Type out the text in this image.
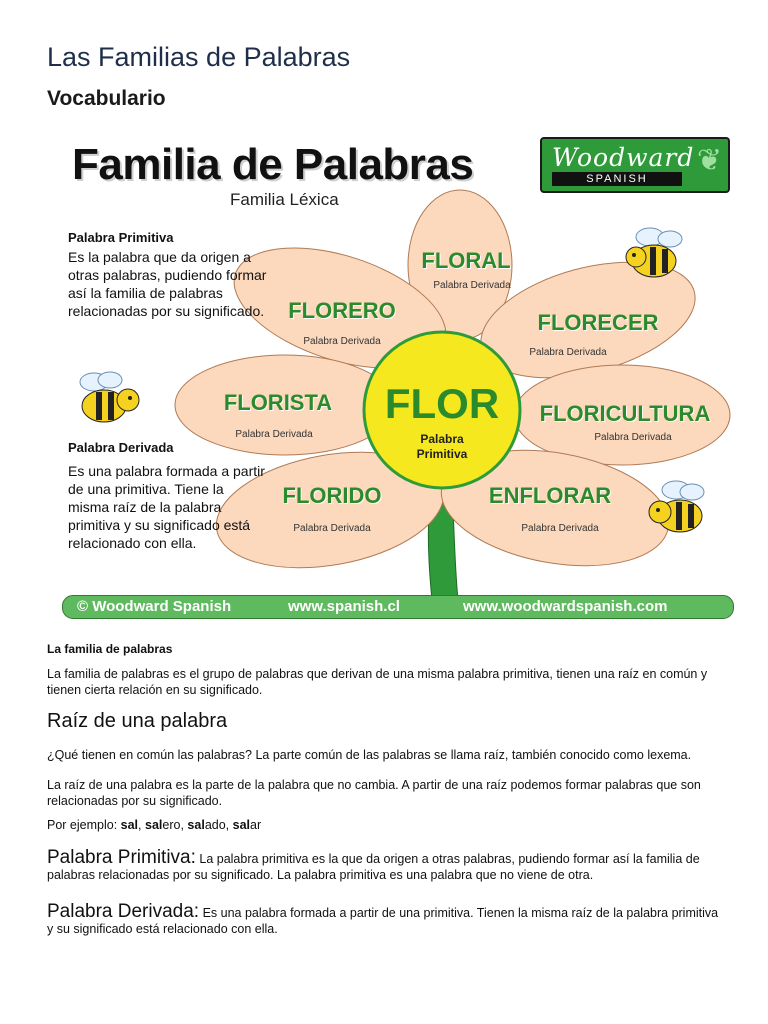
Las Familias de Palabras
Vocabulario
Familia de Palabras
Familia Léxica
Woodward
SPANISH
❦
Palabra Primitiva
Es la palabra que da origen a otras palabras, pudiendo formar así la familia de palabras relacionadas por su significado.
Palabra Derivada
Es una palabra formada a partir de una primitiva. Tiene la misma raíz de la palabra primitiva y su significado está relacionado con ella.
FLORAL
Palabra Derivada
FLORERO
Palabra Derivada
FLORECER
Palabra Derivada
FLORISTA
Palabra Derivada
FLORICULTURA
Palabra Derivada
FLORIDO
Palabra Derivada
ENFLORAR
Palabra Derivada
FLOR
Palabra Primitiva
© Woodward Spanish	www.spanish.cl	www.woodwardspanish.com

La familia de palabras

La familia de palabras es el grupo de palabras que derivan de una misma palabra primitiva, tienen una raíz en común y tienen cierta relación en su significado.

Raíz de una palabra

¿Qué tienen en común las palabras? La parte común de las palabras se llama raíz, también conocido como lexema.

La raíz de una palabra es la parte de la palabra que no cambia. A partir de una raíz podemos formar palabras que son relacionadas por su significado.

Por ejemplo: sal, salero, salado, salar

Palabra Primitiva: La palabra primitiva es la que da origen a otras palabras, pudiendo formar así la familia de palabras relacionadas por su significado. La palabra primitiva es una palabra que no viene de otra.

Palabra Derivada: Es una palabra formada a partir de una primitiva. Tienen la misma raíz de la palabra primitiva y su significado está relacionado con ella.
